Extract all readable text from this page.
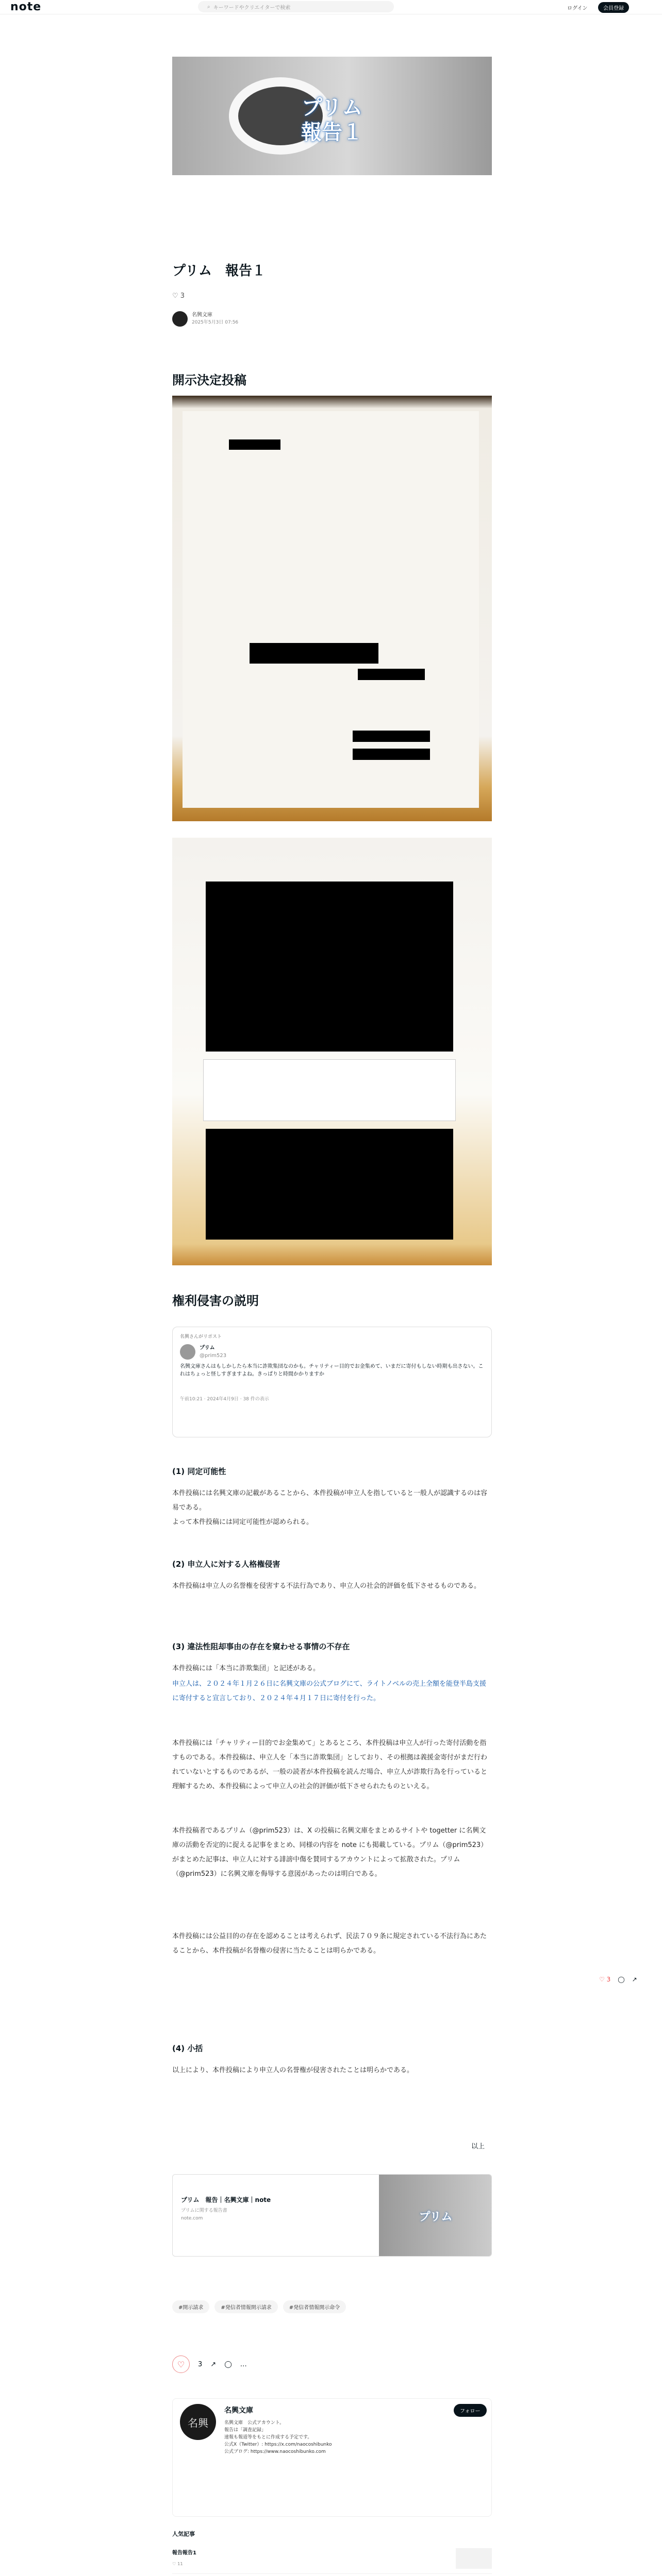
note	⌕ キーワードやクリエイターで検索	ログイン	会員登録
プリム
報告１
プリム　報告１
♡ 3
名興文庫
2025年5月3日 07:56
開示決定投稿
権利侵害の説明
名興さんがリポスト
プリム
@prim523
名興文庫さんはもしかしたら本当に詐欺集団なのかも。チャリティー目的でお金集めて、いまだに寄付もしない時期も出さない。これはちょっと怪しすぎますよね。きっぱりと時間かかりますか
午前10:21 · 2024年4月9日 · 38 件の表示
(1) 同定可能性
本件投稿には名興文庫の記載があることから、本件投稿が申立人を指していると一般人が認識するのは容易である。
よって本件投稿には同定可能性が認められる。
(2) 申立人に対する人格権侵害
本件投稿は申立人の名誉権を侵害する不法行為であり、申立人の社会的評価を低下させるものである。
(3) 違法性阻却事由の存在を窺わせる事情の不存在
本件投稿には「本当に詐欺集団」と記述がある。
申立人は、２０２４年１月２６日に名興文庫の公式ブログにて、ライトノベルの売上全額を能登半島支援に寄付すると宣言しており、２０２４年４月１７日に寄付を行った。
本件投稿には「チャリティー目的でお金集めて」とあるところ、本件投稿は申立人が行った寄付活動を指すものである。本件投稿は、申立人を「本当に詐欺集団」としており、その根拠は義援金寄付がまだ行われていないとするものであるが、一般の読者が本件投稿を読んだ場合、申立人が詐欺行為を行っていると理解するため、本件投稿によって申立人の社会的評価が低下させられたものといえる。
本件投稿者であるプリム（@prim523）は、X の投稿に名興文庫をまとめるサイトや togetter に名興文庫の活動を否定的に捉える記事をまとめ、同様の内容を note にも掲載している。プリム（@prim523）がまとめた記事は、申立人に対する誹謗中傷を賛同するアカウントによって拡散された。プリム（@prim523）に名興文庫を侮辱する意図があったのは明白である。
本件投稿には公益目的の存在を認めることは考えられず、民法７０９条に規定されている不法行為にあたることから、本件投稿が名誉権の侵害に当たることは明らかである。
(4) 小括
以上により、本件投稿により申立人の名誉権が侵害されたことは明らかである。
以上
プリム　報告｜名興文庫｜note
プリムに関する報告書
note.com	プリム
#開示請求	#発信者情報開示請求	#発信者情報開示命令
♡ 3 ↗ ◯ …
名興
名興文庫	フォロー
名興文庫　公式アカウント。
報告は「調査記録」
速報も報道等をもとに作成する予定です。
公式X（Twitter）: https://x.com/naocoshibunko
公式ブログ: https://www.naocoshibunko.com
人気記事
報告報告1
♡ 11
♡ 3 ◯ ↗
